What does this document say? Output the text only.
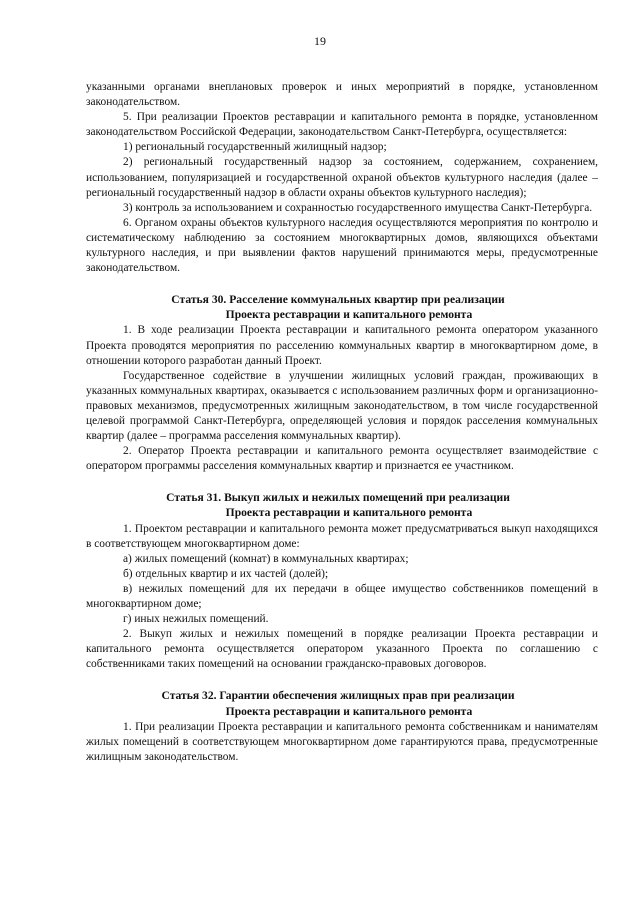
19

указанными органами внеплановых проверок и иных мероприятий в порядке, установленном законодательством.

5. При реализации Проектов реставрации и капитального ремонта в порядке, установленном законодательством Российской Федерации, законодательством Санкт-Петербурга, осуществляется:

1) региональный государственный жилищный надзор;

2) региональный государственный надзор за состоянием, содержанием, сохранением, использованием, популяризацией и государственной охраной объектов культурного наследия (далее – региональный государственный надзор в области охраны объектов культурного наследия);

3) контроль за использованием и сохранностью государственного имущества Санкт-Петербурга.

6. Органом охраны объектов культурного наследия осуществляются мероприятия по контролю и систематическому наблюдению за состоянием многоквартирных домов, являющихся объектами культурного наследия, и при выявлении фактов нарушений принимаются меры, предусмотренные законодательством.

Статья 30. Расселение коммунальных квартир при реализации
Проекта реставрации и капитального ремонта

1. В ходе реализации Проекта реставрации и капитального ремонта оператором указанного Проекта проводятся мероприятия по расселению коммунальных квартир в многоквартирном доме, в отношении которого разработан данный Проект.

Государственное содействие в улучшении жилищных условий граждан, проживающих в указанных коммунальных квартирах, оказывается с использованием различных форм и организационно-правовых механизмов, предусмотренных жилищным законодательством, в том числе государственной целевой программой Санкт-Петербурга, определяющей условия и порядок расселения коммунальных квартир (далее – программа расселения коммунальных квартир).

2. Оператор Проекта реставрации и капитального ремонта осуществляет взаимодействие с оператором программы расселения коммунальных квартир и признается ее участником.

Статья 31. Выкуп жилых и нежилых помещений при реализации
Проекта реставрации и капитального ремонта

1. Проектом реставрации и капитального ремонта может предусматриваться выкуп находящихся в соответствующем многоквартирном доме:

а) жилых помещений (комнат) в коммунальных квартирах;

б) отдельных квартир и их частей (долей);

в) нежилых помещений для их передачи в общее имущество собственников помещений в многоквартирном доме;

г) иных нежилых помещений.

2. Выкуп жилых и нежилых помещений в порядке реализации Проекта реставрации и капитального ремонта осуществляется оператором указанного Проекта по соглашению с собственниками таких помещений на основании гражданско-правовых договоров.

Статья 32. Гарантии обеспечения жилищных прав при реализации
Проекта реставрации и капитального ремонта

1. При реализации Проекта реставрации и капитального ремонта собственникам и нанимателям жилых помещений в соответствующем многоквартирном доме гарантируются права, предусмотренные жилищным законодательством.
